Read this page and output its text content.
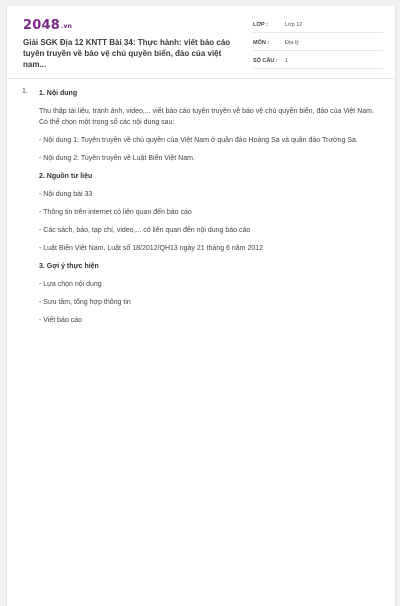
2048.vn
Giải SGK Địa 12 KNTT Bài 34: Thực hành: viết báo cáo tuyên truyền về bảo vệ chủ quyền biển, đảo của việt nam...
LỚP :	Lớp 12
MÔN :	Địa lý
SỐ CÂU :	1
1. 1. Nội dung
Thu thập tài liệu, tranh ảnh, video,... viết báo cáo tuyên truyền về bảo vệ chủ quyền biển, đảo của Việt Nam. Có thể chọn một trong số các nội dung sau:
- Nội dung 1: Tuyên truyền về chủ quyền của Việt Nam ở quần đảo Hoàng Sa và quần đảo Trường Sa.
- Nội dung 2: Tuyên truyền về Luật Biển Việt Nam.
2. Nguồn tư liệu
- Nội dung bài 33
- Thông tin trên internet có liên quan đến báo cáo
- Các sách, báo, tạp chí, video,... có liên quan đến nội dung báo cáo
- Luật Biển Việt Nam, Luật số 18/2012/QH13 ngày 21 tháng 6 năm 2012
3. Gợi ý thực hiện
- Lựa chọn nội dung
- Sưu tầm, tổng hợp thông tin
- Viết báo cáo
